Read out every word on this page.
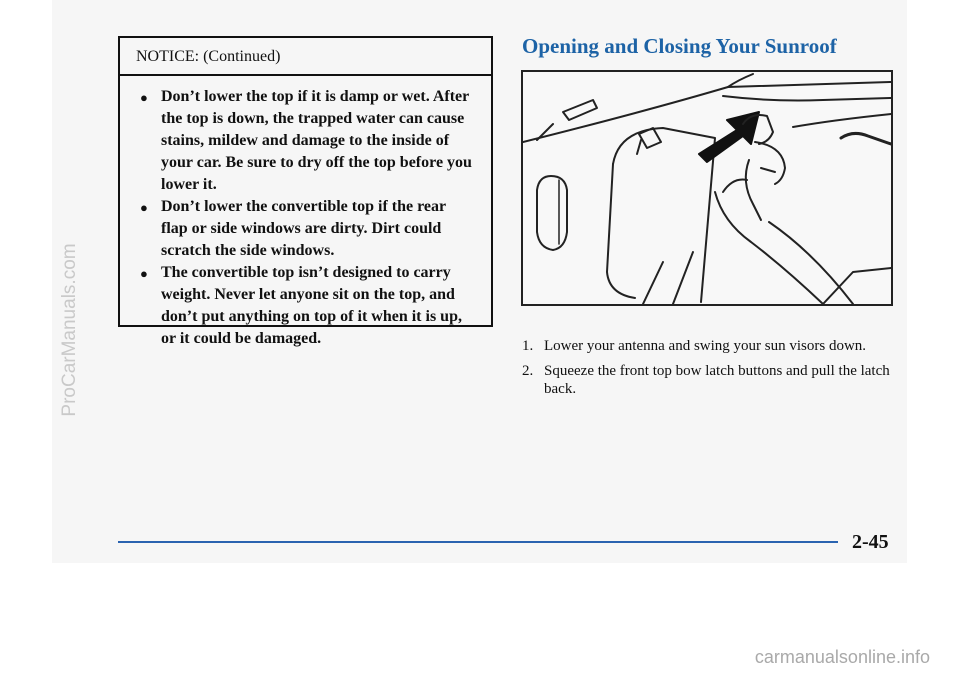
ProCarManuals.com
NOTICE: (Continued)
● Don’t lower the top if it is damp or wet. After the top is down, the trapped water can cause stains, mildew and damage to the inside of your car. Be sure to dry off the top before you lower it.
● Don’t lower the convertible top if the rear flap or side windows are dirty. Dirt could scratch the side windows.
● The convertible top isn’t designed to carry weight. Never let anyone sit on the top, and don’t put anything on top of it when it is up, or it could be damaged.
Opening and Closing Your Sunroof
1. Lower your antenna and swing your sun visors down.
2. Squeeze the front top bow latch buttons and pull the latch back.
2-45
carmanualsonline.info
